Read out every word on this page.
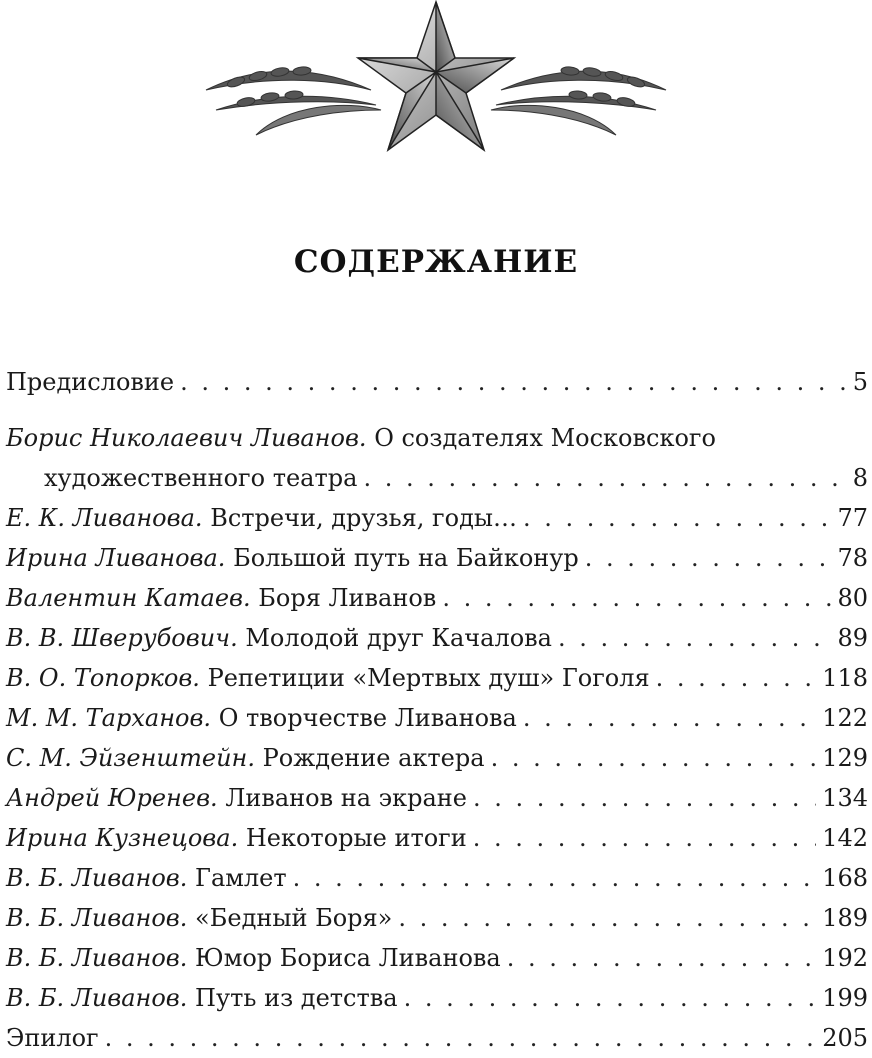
СОДЕРЖАНИЕ
Предисловие . . .	5
Борис Николаевич Ливанов.
О создателях Московского
художественного театра . . .	8
Е. К. Ливанова.
Встречи, друзья, годы… . . .	77
Ирина Ливанова.
Большой путь на Байконур . . .	78
Валентин Катаев.
Боря Ливанов . . .	80
В. В. Шверубович.
Молодой друг Качалова . . .	89
В. О. Топорков.
Репетиции «Мертвых душ» Гоголя . . .	118
М. М. Тарханов.
О творчестве Ливанова . . .	122
С. М. Эйзенштейн.
Рождение актера . . .	129
Андрей Юренев.
Ливанов на экране . . .	134
Ирина Кузнецова.
Некоторые итоги . . .	142
В. Б. Ливанов.
Гамлет . . .	168
В. Б. Ливанов.
«Бедный Боря» . . .	189
В. Б. Ливанов.
Юмор Бориса Ливанова . . .	192
В. Б. Ливанов.
Путь из детства . . .	199
Эпилог . . .	205
